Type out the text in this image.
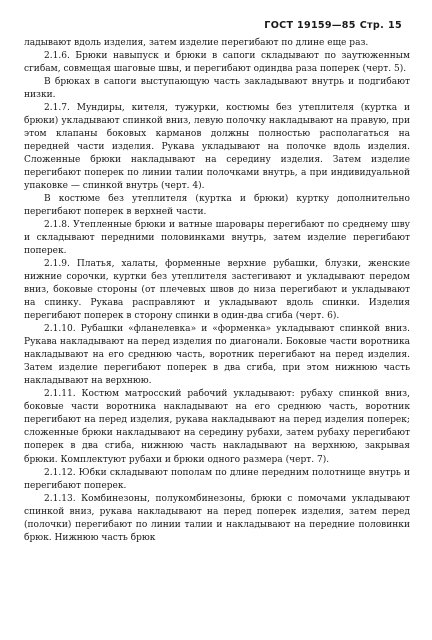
ГОСТ 19159—85 Стр. 15

ладывают вдоль изделия, затем изделие перегибают по длине еще раз.

2.1.6. Брюки навыпуск и брюки в сапоги складывают по заутюженным сгибам, совмещая шаговые швы, и перегибают одиндва раза поперек (черт. 5).

В брюках в сапоги выступающую часть закладывают внутрь и подгибают низки.

2.1.7. Мундиры, кителя, тужурки, костюмы без утеплителя (куртка и брюки) укладывают спинкой вниз, левую полочку накладывают на правую, при этом клапаны боковых карманов должны полностью располагаться на передней части изделия. Рукава укладывают на полочке вдоль изделия. Сложенные брюки накладывают на середину изделия. Затем изделие перегибают поперек по линии талии полочками внутрь, а при индивидуальной упаковке — спинкой внутрь (черт. 4).

В костюме без утеплителя (куртка и брюки) куртку дополнительно перегибают поперек в верхней части.

2.1.8. Утепленные брюки и ватные шаровары перегибают по среднему шву и складывают передними половинками внутрь, затем изделие перегибают поперек.

2.1.9. Платья, халаты, форменные верхние рубашки, блузки, женские нижние сорочки, куртки без утеплителя застегивают и укладывают передом вниз, боковые стороны (от плечевых швов до низа перегибают и укладывают на спинку. Рукава расправляют и укладывают вдоль спинки. Изделия перегибают поперек в сторону спинки в один-два сгиба (черт. 6).

2.1.10. Рубашки «фланелевка» и «форменка» укладывают спинкой вниз. Рукава накладывают на перед изделия по диагонали. Боковые части воротника накладывают на его среднюю часть, воротник перегибают на перед изделия. Затем изделие перегибают поперек в два сгиба, при этом нижнюю часть накладывают на верхнюю.

2.1.11. Костюм матросский рабочий укладывают: рубаху спинкой вниз, боковые части воротника накладывают на его среднюю часть, воротник перегибают на перед изделия, рукава накладывают на перед изделия поперек; сложенные брюки накладывают на середину рубахи, затем рубаху перегибают поперек в два сгиба, нижнюю часть накладывают на верхнюю, закрывая брюки. Комплектуют рубахи и брюки одного размера (черт. 7).

2.1.12. Юбки складывают пополам по длине передним полотнище внутрь и перегибают поперек.

2.1.13. Комбинезоны, полукомбинезоны, брюки с помочами укладывают спинкой вниз, рукава накладывают на перед поперек изделия, затем перед (полочки) перегибают по линии талии и накладывают на передние половинки брюк. Нижнюю часть брюк
